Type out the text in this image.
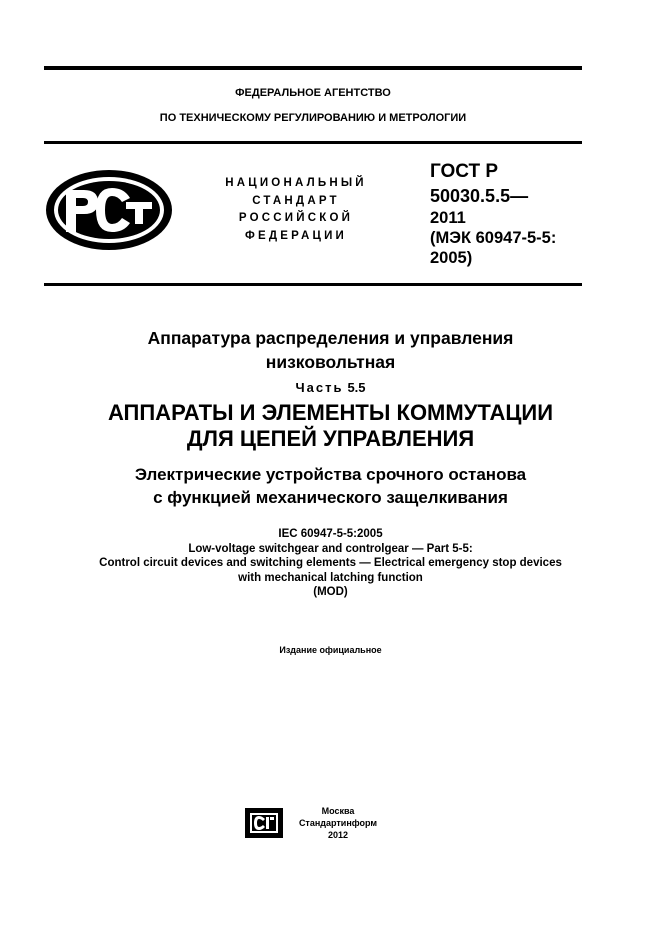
ФЕДЕРАЛЬНОЕ АГЕНТСТВО
ПО ТЕХНИЧЕСКОМУ РЕГУЛИРОВАНИЮ И МЕТРОЛОГИИ
НАЦИОНАЛЬНЫЙ
СТАНДАРТ
РОССИЙСКОЙ
ФЕДЕРАЦИИ
ГОСТ Р
50030.5.5—
2011
(МЭК 60947-5-5:
2005)
Аппаратура распределения и управления
низковольтная
Часть 5.5
АППАРАТЫ И ЭЛЕМЕНТЫ КОММУТАЦИИ
ДЛЯ ЦЕПЕЙ УПРАВЛЕНИЯ
Электрические устройства срочного останова
с функцией механического защелкивания
IEC 60947-5-5:2005
Low-voltage switchgear and controlgear — Part 5-5:
Control circuit devices and switching elements — Electrical emergency stop devices
with mechanical latching function
(MOD)
Издание официальное
Москва
Стандартинформ
2012
